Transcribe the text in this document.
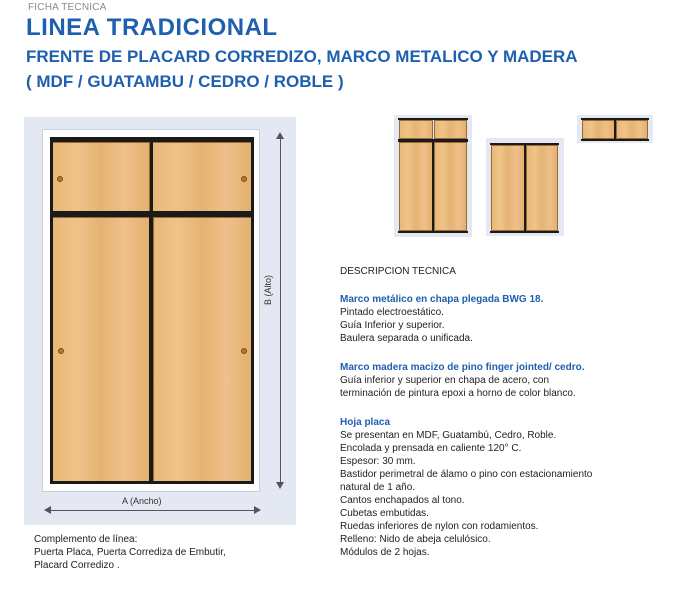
FICHA TECNICA
LINEA TRADICIONAL
FRENTE DE PLACARD CORREDIZO, MARCO METALICO Y MADERA
( MDF / GUATAMBU / CEDRO / ROBLE )
B (Alto)
A (Ancho)
Complemento de línea:
Puerta Placa, Puerta Corrediza de Embutir,
Placard Corredizo .
DESCRIPCION TECNICA
Marco metálico en chapa plegada BWG 18.
Pintado electroestático.
Guía Inferior y superior.
Baulera separada o unificada.
Marco madera macizo de pino finger jointed/ cedro.
Guía inferior y superior en chapa de acero, con
terminación de pintura epoxi a horno de color blanco.
Hoja placa
Se presentan en MDF, Guatambú, Cedro, Roble.
Encolada y prensada en caliente 120° C.
Espesor: 30 mm.
Bastidor perimetral de álamo o pino con estacionamiento
natural de 1 año.
Cantos enchapados al tono.
Cubetas embutidas.
Ruedas inferiores de nylon con rodamientos.
Relleno: Nido de abeja celulósico.
Módulos de 2 hojas.
